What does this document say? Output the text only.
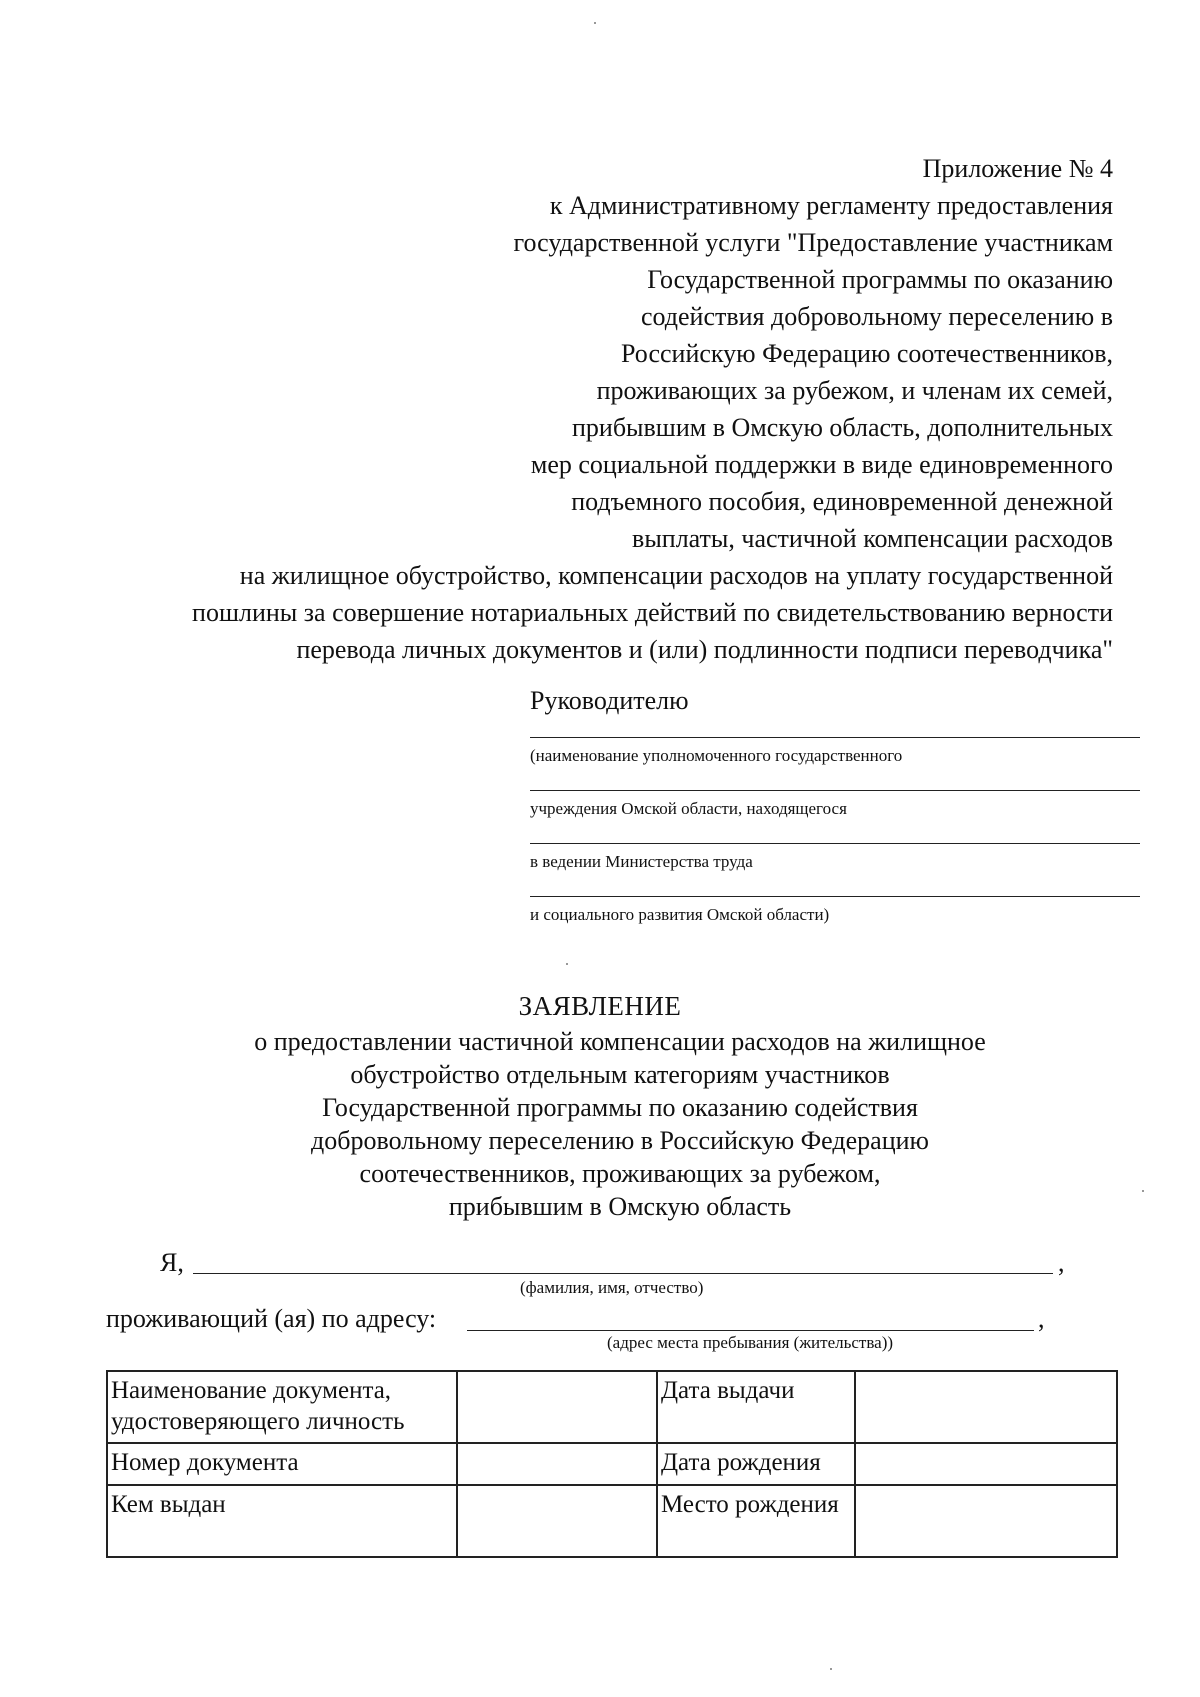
Приложение № 4
к Административному регламенту предоставления
государственной услуги "Предоставление участникам
Государственной программы по оказанию
содействия добровольному переселению в
Российскую Федерацию соотечественников,
проживающих за рубежом, и членам их семей,
прибывшим в Омскую область, дополнительных
мер социальной поддержки в виде единовременного
подъемного пособия, единовременной денежной
выплаты, частичной компенсации расходов
на жилищное обустройство, компенсации расходов на уплату государственной
пошлины за совершение нотариальных действий по свидетельствованию верности
перевода личных документов и (или) подлинности подписи переводчика"
Руководителю
(наименование уполномоченного государственного
учреждения Омской области, находящегося
в ведении Министерства труда
и социального развития Омской области)
ЗАЯВЛЕНИЕ
о предоставлении частичной компенсации расходов на жилищное
обустройство отдельным категориям участников
Государственной программы по оказанию содействия
добровольному переселению в Российскую Федерацию
соотечественников, проживающих за рубежом,
прибывшим в Омскую область
Я,	,
(фамилия, имя, отчество)
проживающий (ая) по адресу:	,
(адрес места пребывания (жительства))
Наименование документа, удостоверяющего личность		Дата выдачи	
Номер документа		Дата рождения	
Кем выдан		Место рождения	
